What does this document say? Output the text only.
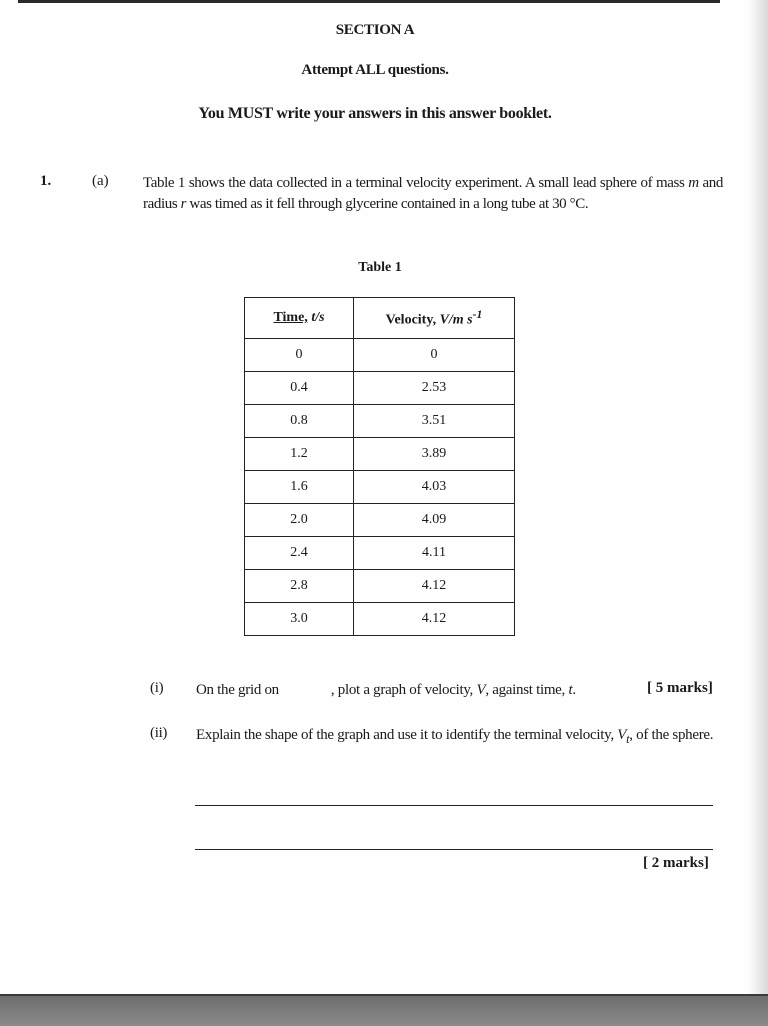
SECTION A
Attempt ALL questions.
You MUST write your answers in this answer booklet.
1.	(a) Table 1 shows the data collected in a terminal velocity experiment. A small lead sphere of mass m and radius r was timed as it fell through glycerine contained in a long tube at 30 °C.
Table 1
Time, t/s	Velocity, V/m $s^{-1}$
0	0
0.4	2.53
0.8	3.51
1.2	3.89
1.6	4.03
2.0	4.09
2.4	4.11
2.8	4.12
3.0	4.12
(i) On the grid on	, plot a graph of velocity, V, against time, t.	[ 5 marks]
(ii) Explain the shape of the graph and use it to identify the terminal velocity, $V_t$, of the sphere.
[ 2 marks]
